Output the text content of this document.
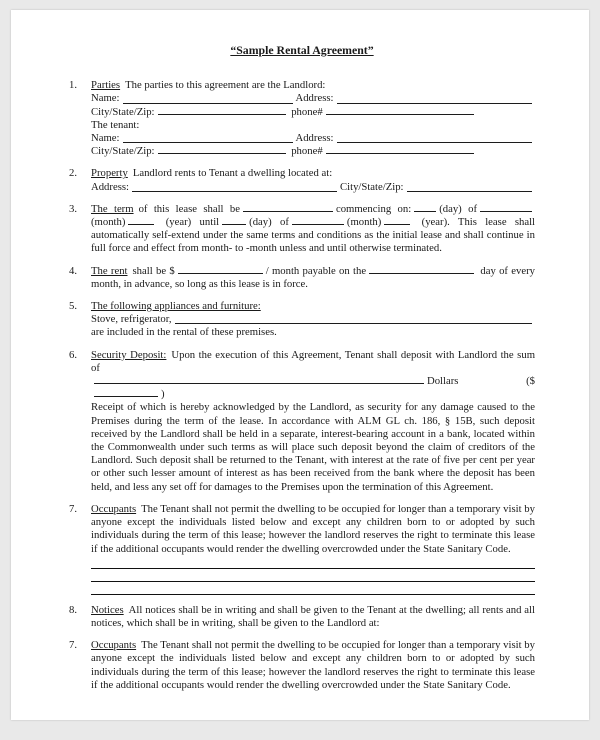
“Sample Rental Agreement”
1.	Parties The parties to this agreement are the Landlord:
Name:	Address:
City/State/Zip:	phone#
The tenant:
Name:	Address:
City/State/Zip:	phone#
2.	Property Landlord rents to Tenant a dwelling located at:
Address:	City/State/Zip:
3.	The term of this lease shall be	commencing on:	(day) of(month)	(year) until	(day) of	(month)	(year). This lease shall automatically self-extend under the same terms and conditions as the initial lease and shall continue in full force and effect from month- to -month unless and until otherwise terminated.
4.	The rent shall be $	/ month payable on the	day of every month, in advance, so long as this lease is in force.
5.	The following appliances and furniture:
Stove, refrigerator,
are included in the rental of these premises.
6.	Security Deposit: Upon the execution of this Agreement, Tenant shall deposit with Landlord the sum of
Dollars ($)
Receipt of which is hereby acknowledged by the Landlord, as security for any damage caused to the Premises during the term of the lease. In accordance with ALM GL ch. 186, § 15B, such deposit received by the Landlord shall be held in a separate, interest-bearing account in a bank, located within the Commonwealth under such terms as will place such deposit beyond the claim of creditors of the Landlord. Such deposit shall be returned to the Tenant, with interest at the rate of five per cent per year or other such lesser amount of interest as has been received from the bank where the deposit has been held, and less any set off for damages to the Premises upon the termination of this Agreement.
7.	Occupants The Tenant shall not permit the dwelling to be occupied for longer than a temporary visit by anyone except the individuals listed below and except any children born to or adopted by such individuals during the term of this lease; however the landlord reserves the right to terminate this lease if the additional occupants would render the dwelling overcrowded under the State Sanitary Code.
8.	Notices All notices shall be in writing and shall be given to the Tenant at the dwelling; all rents and all notices, which shall be in writing, shall be given to the Landlord at:
7.	Occupants The Tenant shall not permit the dwelling to be occupied for longer than a temporary visit by anyone except the individuals listed below and except any children born to or adopted by such individuals during the term of this lease; however the landlord reserves the right to terminate this lease if the additional occupants would render the dwelling overcrowded under the State Sanitary Code.
